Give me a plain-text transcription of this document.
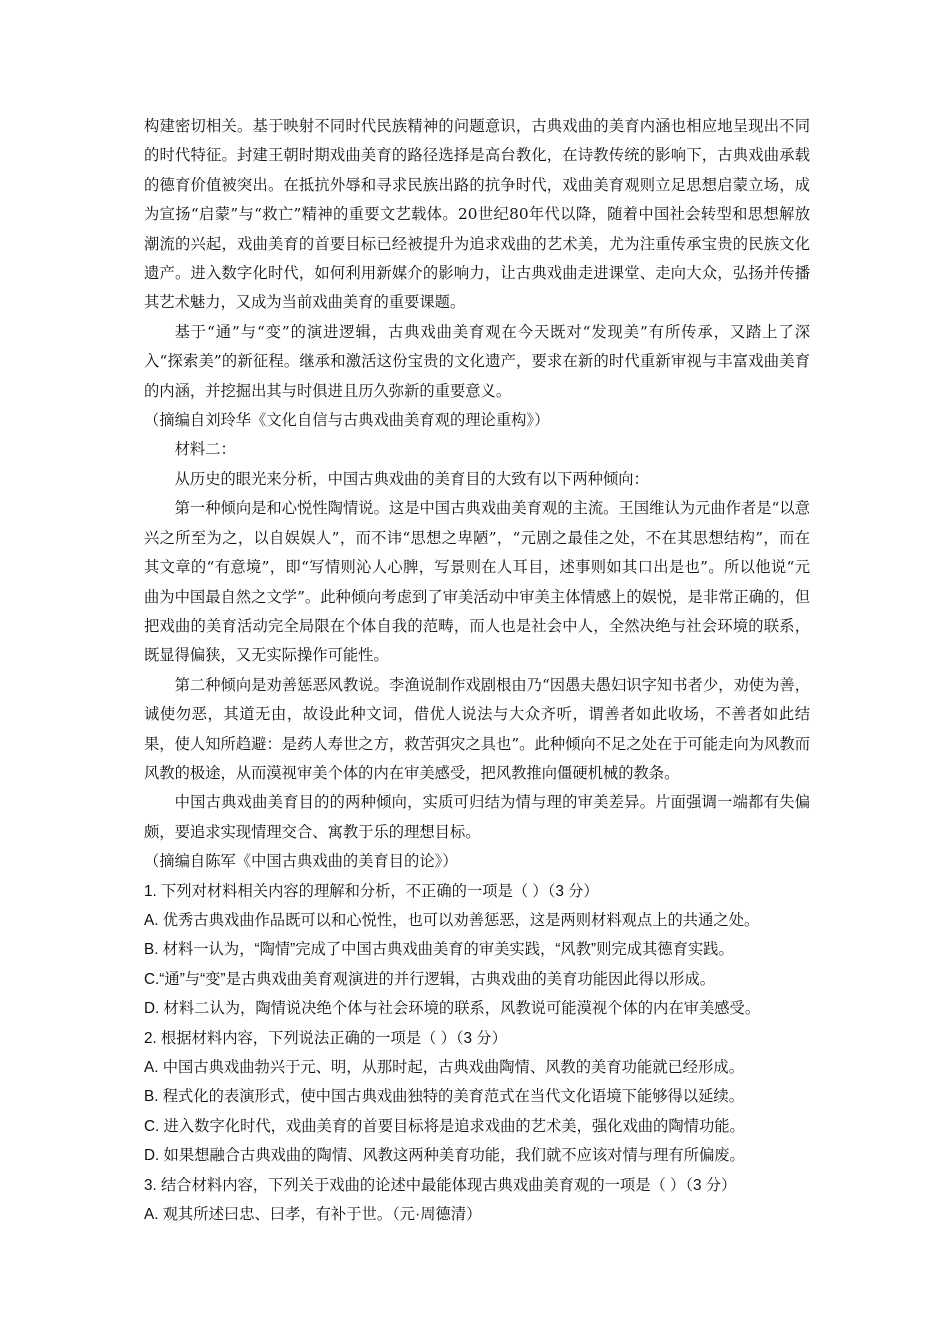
构建密切相关。基于映射不同时代民族精神的问题意识，古典戏曲的美育内涵也相应地呈现出不同的时代特征。封建王朝时期戏曲美育的路径选择是高台教化，在诗教传统的影响下，古典戏曲承载的德育价值被突出。在抵抗外辱和寻求民族出路的抗争时代，戏曲美育观则立足思想启蒙立场，成为宣扬“启蒙”与“救亡”精神的重要文艺载体。20世纪80年代以降，随着中国社会转型和思想解放潮流的兴起，戏曲美育的首要目标已经被提升为追求戏曲的艺术美，尤为注重传承宝贵的民族文化遗产。进入数字化时代，如何利用新媒介的影响力，让古典戏曲走进课堂、走向大众，弘扬并传播其艺术魅力，又成为当前戏曲美育的重要课题。

基于“通”与“变”的演进逻辑，古典戏曲美育观在今天既对“发现美”有所传承，又踏上了深入“探索美”的新征程。继承和激活这份宝贵的文化遗产，要求在新的时代重新审视与丰富戏曲美育的内涵，并挖掘出其与时俱进且历久弥新的重要意义。

（摘编自刘玲华《文化自信与古典戏曲美育观的理论重构》）

材料二：

从历史的眼光来分析，中国古典戏曲的美育目的大致有以下两种倾向：

第一种倾向是和心悦性陶情说。这是中国古典戏曲美育观的主流。王国维认为元曲作者是“以意兴之所至为之，以自娱娱人”，而不讳“思想之卑陋”，“元剧之最佳之处，不在其思想结构”，而在其文章的“有意境”，即“写情则沁人心脾，写景则在人耳目，述事则如其口出是也”。所以他说“元曲为中国最自然之文学”。此种倾向考虑到了审美活动中审美主体情感上的娱悦，是非常正确的，但把戏曲的美育活动完全局限在个体自我的范畴，而人也是社会中人，全然决绝与社会环境的联系，既显得偏狭，又无实际操作可能性。

第二种倾向是劝善惩恶风教说。李渔说制作戏剧根由乃“因愚夫愚妇识字知书者少，劝使为善，诚使勿恶，其道无由，故设此种文词，借优人说法与大众齐听，谓善者如此收场，不善者如此结果，使人知所趋避：是药人寿世之方，救苦弭灾之具也”。此种倾向不足之处在于可能走向为风教而风教的极途，从而漠视审美个体的内在审美感受，把风教推向僵硬机械的教条。

中国古典戏曲美育目的的两种倾向，实质可归结为情与理的审美差异。片面强调一端都有失偏颇，要追求实现情理交合、寓教于乐的理想目标。

（摘编自陈军《中国古典戏曲的美育目的论》）

1. 下列对材料相关内容的理解和分析，不正确的一项是（ ）（3 分）

A. 优秀古典戏曲作品既可以和心悦性，也可以劝善惩恶，这是两则材料观点上的共通之处。

B. 材料一认为，“陶情”完成了中国古典戏曲美育的审美实践，“风教”则完成其德育实践。

C.“通”与“变”是古典戏曲美育观演进的并行逻辑，古典戏曲的美育功能因此得以形成。

D. 材料二认为，陶情说决绝个体与社会环境的联系，风教说可能漠视个体的内在审美感受。

2. 根据材料内容，下列说法正确的一项是（ ）（3 分）

A. 中国古典戏曲勃兴于元、明，从那时起，古典戏曲陶情、风教的美育功能就已经形成。

B. 程式化的表演形式，使中国古典戏曲独特的美育范式在当代文化语境下能够得以延续。

C. 进入数字化时代，戏曲美育的首要目标将是追求戏曲的艺术美，强化戏曲的陶情功能。

D. 如果想融合古典戏曲的陶情、风教这两种美育功能，我们就不应该对情与理有所偏废。

3. 结合材料内容，下列关于戏曲的论述中最能体现古典戏曲美育观的一项是（ ）（3 分）

A. 观其所述曰忠、曰孝，有补于世。（元·周德清）
